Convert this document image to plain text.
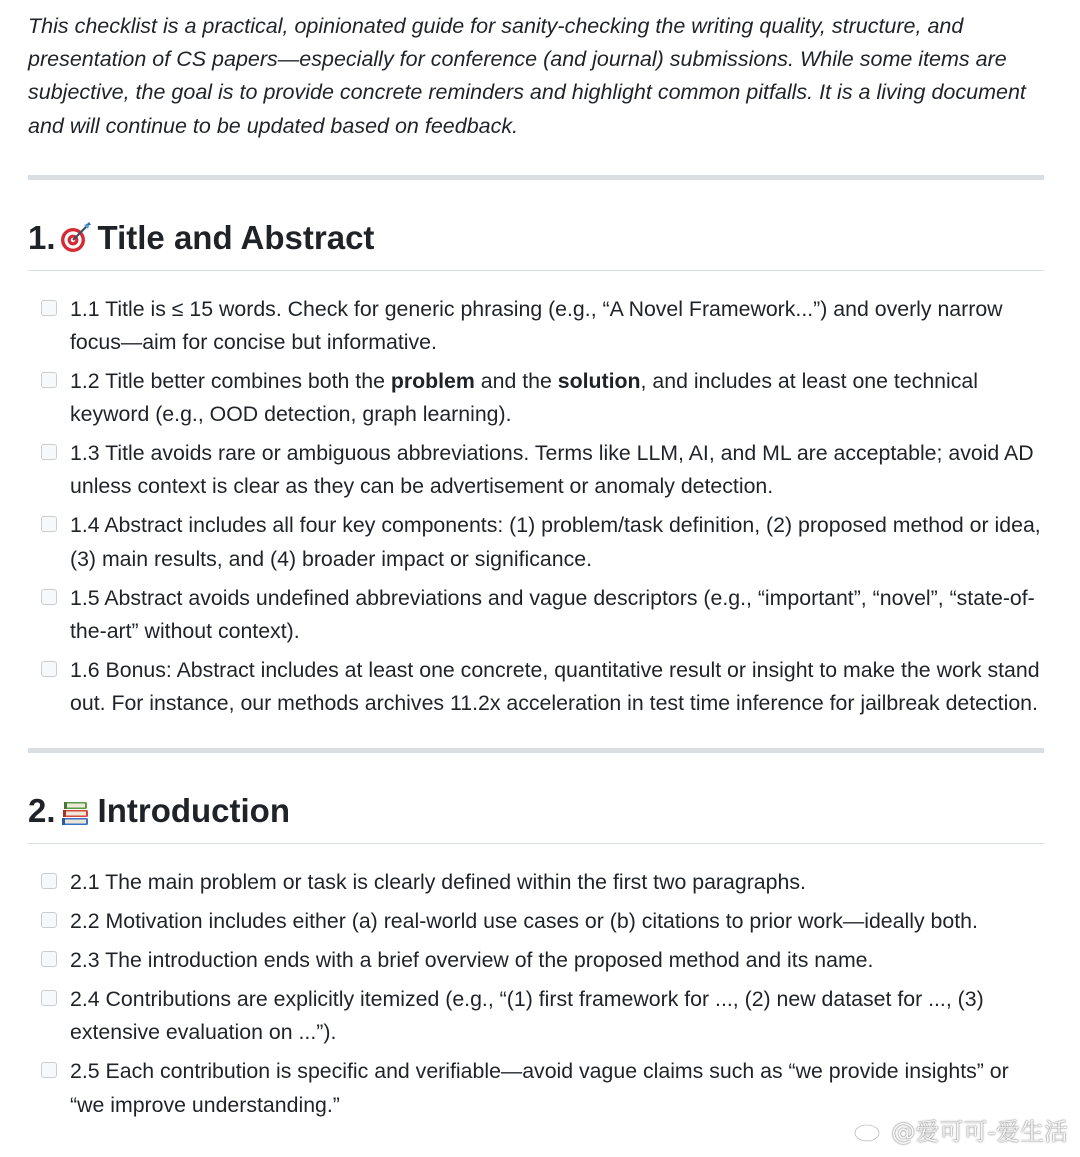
This checklist is a practical, opinionated guide for sanity-checking the writing quality, structure, and presentation of CS papers—especially for conference (and journal) submissions. While some items are subjective, the goal is to provide concrete reminders and highlight common pitfalls. It is a living document and will continue to be updated based on feedback.

1. Title and Abstract
1.1 Title is ≤ 15 words. Check for generic phrasing (e.g., “A Novel Framework...”) and overly narrow focus—aim for concise but informative.
1.2 Title better combines both the problem and the solution, and includes at least one technical keyword (e.g., OOD detection, graph learning).
1.3 Title avoids rare or ambiguous abbreviations. Terms like LLM, AI, and ML are acceptable; avoid AD unless context is clear as they can be advertisement or anomaly detection.
1.4 Abstract includes all four key components: (1) problem/task definition, (2) proposed method or idea, (3) main results, and (4) broader impact or significance.
1.5 Abstract avoids undefined abbreviations and vague descriptors (e.g., “important”, “novel”, “state-of-the-art” without context).
1.6 Bonus: Abstract includes at least one concrete, quantitative result or insight to make the work stand out. For instance, our methods archives 11.2x acceleration in test time inference for jailbreak detection.
2. Introduction
2.1 The main problem or task is clearly defined within the first two paragraphs.
2.2 Motivation includes either (a) real-world use cases or (b) citations to prior work—ideally both.
2.3 The introduction ends with a brief overview of the proposed method and its name.
2.4 Contributions are explicitly itemized (e.g., “(1) first framework for ..., (2) new dataset for ..., (3) extensive evaluation on ...”).
2.5 Each contribution is specific and verifiable—avoid vague claims such as “we provide insights” or “we improve understanding.”
@爱可可-爱生活
